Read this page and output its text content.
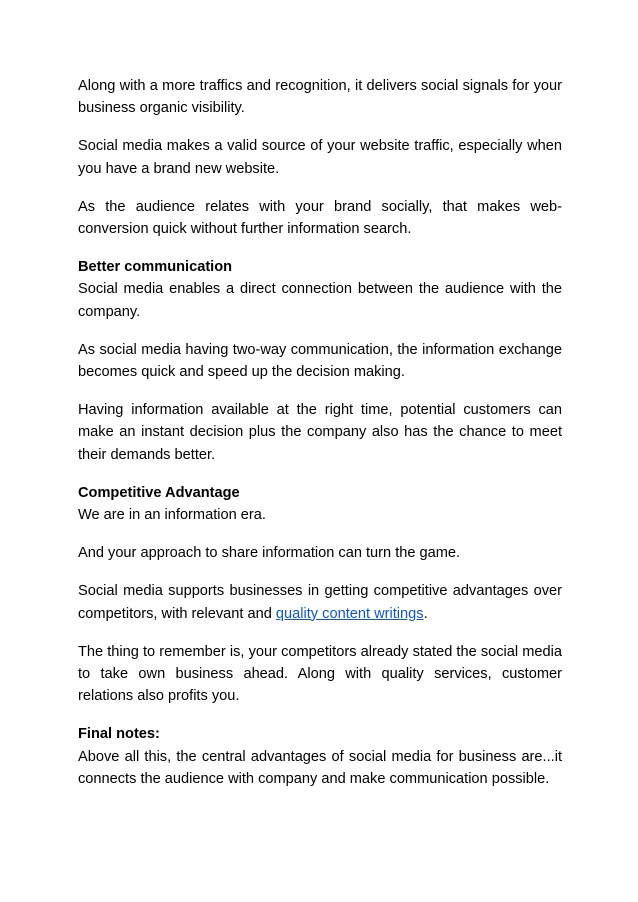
Along with a more traffics and recognition, it delivers social signals for your business organic visibility.

Social media makes a valid source of your website traffic, especially when you have a brand new website.

As the audience relates with your brand socially, that makes web-conversion quick without further information search.

Better communication
Social media enables a direct connection between the audience with the company.

As social media having two-way communication, the information exchange becomes quick and speed up the decision making.

Having information available at the right time, potential customers can make an instant decision plus the company also has the chance to meet their demands better.

Competitive Advantage
We are in an information era.

And your approach to share information can turn the game.

Social media supports businesses in getting competitive advantages over competitors, with relevant and quality content writings.

The thing to remember is, your competitors already stated the social media to take own business ahead. Along with quality services, customer relations also profits you.

Final notes:
Above all this, the central advantages of social media for business are...it connects the audience with company and make communication possible.
